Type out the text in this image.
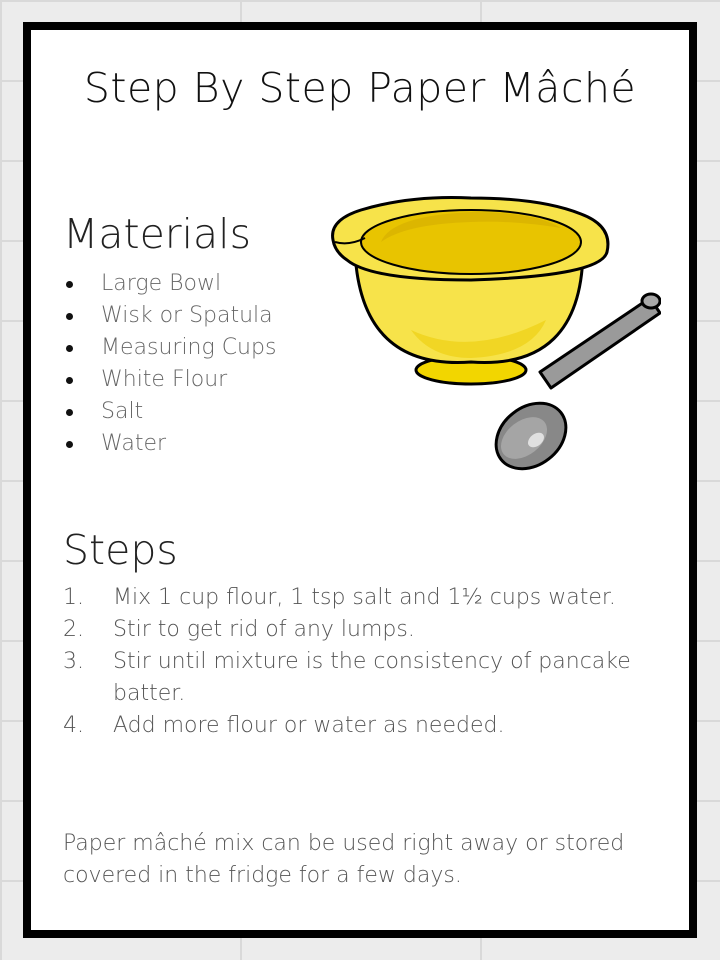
Step By Step Paper Mâché
Materials
Large Bowl
Wisk or Spatula
Measuring Cups
White Flour
Salt
Water
Steps
1. Mix 1 cup flour, 1 tsp salt and 1½ cups water.
2. Stir to get rid of any lumps.
3. Stir until mixture is the consistency of pancake batter.
4. Add more flour or water as needed.

Paper mâché mix can be used right away or stored covered in the fridge for a few days.
